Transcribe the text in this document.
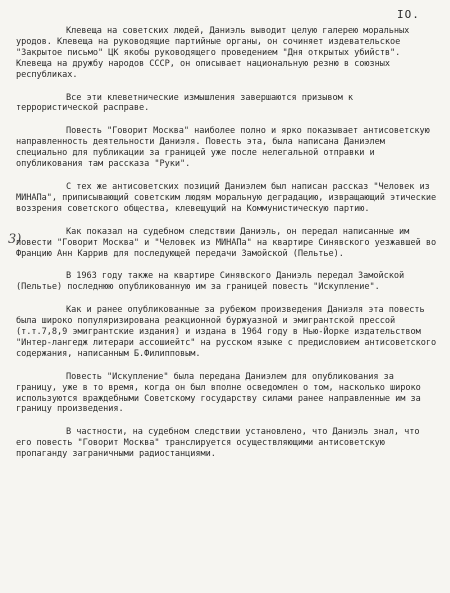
IO.
3)

Клевеща на советских людей, Даниэль выводит целую галерею моральных уродов. Клевеща на руководящие партийные органы, он сочиняет издевательское "Закрытое письмо" ЦК якобы руководящего проведением "Дня открытых убийств". Клевеща на дружбу народов СССР, он описывает национальную резню в союзных республиках.

Все эти клеветнические измышления завершаются призывом к террористической расправе.

Повесть "Говорит Москва" наиболее полно и ярко показывает антисоветскую направленность деятельности Даниэля. Повесть эта, была написана Даниэлем специально для публикации за границей уже после нелегальной отправки и опубликования там рассказа "Руки".

С тех же антисоветских позиций Даниэлем был написан рассказ "Человек из МИНАПа", приписывающий советским людям моральную деградацию, извращающий этические воззрения советского общества, клевещущий на Коммунистическую партию.

Как показал на судебном следствии Даниэль, он передал написанные им повести "Говорит Москва" и "Человек из МИНАПа" на квартире Синявского уезжавшей во Францию Анн Каррив для последующей передачи Замойской (Пельтье).

В 1963 году также на квартире Синявского Даниэль передал Замойской (Пельтье) последнюю опубликованную им за границей повесть "Искупление".

Как и ранее опубликованные за рубежом произведения Даниэля эта повесть была широко популяризирована реакционной буржуазной и эмигрантской прессой (т.т.7,8,9 эмигрантские издания) и издана в 1964 году в Нью-Йорке издательством "Интер-лангедж литерари ассошиейтс" на русском языке с предисловием антисоветского содержания, написанным Б.Филипповым.

Повесть "Искупление" была передана Даниэлем для опубликования за границу, уже в то время, когда он был вполне осведомлен о том, насколько широко используются враждебными Советскому государству силами ранее направленные им за границу произведения.

В частности, на судебном следствии установлено, что Даниэль знал, что его повесть "Говорит Москва" транслируется осуществляющими антисоветскую пропаганду заграничными радиостанциями.
